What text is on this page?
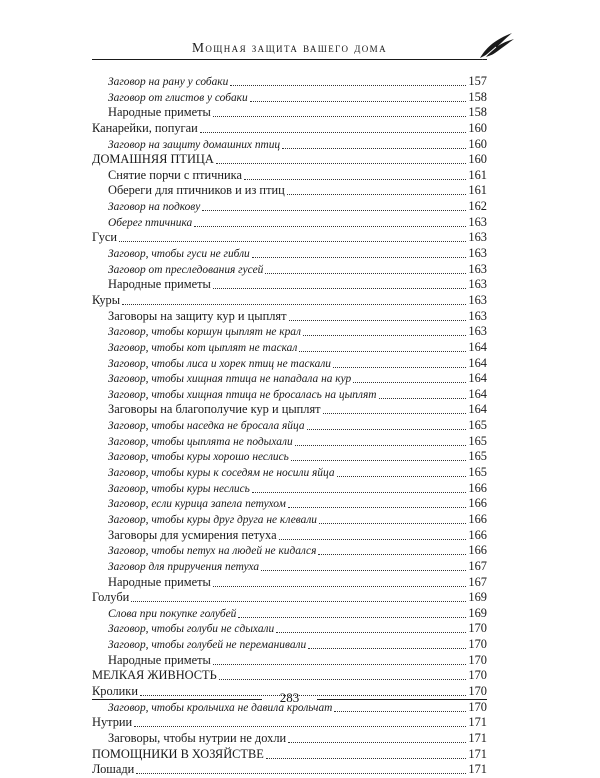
Мощная защита вашего дома
Заговор на рану у собаки	157
Заговор от глистов у собаки	158
Народные приметы	158
Канарейки, попугаи	160
Заговор на защиту домашних птиц	160
ДОМАШНЯЯ ПТИЦА	160
Снятие порчи с птичника	161
Обереги для птичников и из птиц	161
Заговор на подкову	162
Оберег птичника	163
Гуси	163
Заговор, чтобы гуси не гибли	163
Заговор от преследования гусей	163
Народные приметы	163
Куры	163
Заговоры на защиту кур и цыплят	163
Заговор, чтобы коршун цыплят не крал	163
Заговор, чтобы кот цыплят не таскал	164
Заговор, чтобы лиса и хорек птиц не таскали	164
Заговор, чтобы хищная птица не нападала на кур	164
Заговор, чтобы хищная птица не бросалась на цыплят	164
Заговоры на благополучие кур и цыплят	164
Заговор, чтобы наседка не бросала яйца	165
Заговор, чтобы цыплята не подыхали	165
Заговор, чтобы куры хорошо неслись	165
Заговор, чтобы куры к соседям не носили яйца	165
Заговор, чтобы куры неслись	166
Заговор, если курица запела петухом	166
Заговор, чтобы куры друг друга не клевали	166
Заговоры для усмирения петуха	166
Заговор, чтобы петух на людей не кидался	166
Заговор для приручения петуха	167
Народные приметы	167
Голуби	169
Слова при покупке голубей	169
Заговор, чтобы голуби не сдыхали	170
Заговор, чтобы голубей не переманивали	170
Народные приметы	170
МЕЛКАЯ ЖИВНОСТЬ	170
Кролики	170
Заговор, чтобы крольчиха не давила крольчат	170
Нутрии	171
Заговоры, чтобы нутрии не дохли	171
ПОМОЩНИКИ В ХОЗЯЙСТВЕ	171
Лошади	171
283
